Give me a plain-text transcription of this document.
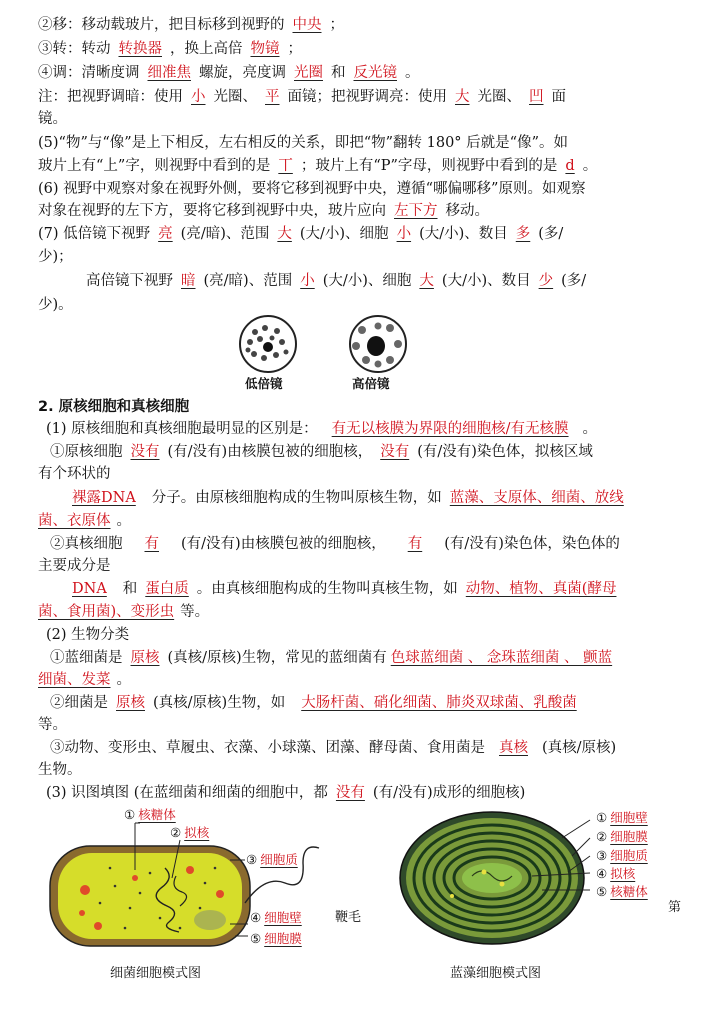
②移：移动载玻片，把目标移到视野的 中央 ；
③转：转动 转换器 ，换上高倍 物镜 ；
④调：清晰度调 细准焦 螺旋，亮度调 光圈 和 反光镜 。
注：把视野调暗：使用 小 光圈、 平 面镜；把视野调亮：使用 大 光圈、 凹 面
镜。
(5)“物”与“像”是上下相反，左右相反的关系，即把“物”翻转 180° 后就是“像”。如
玻片上有“上”字，则视野中看到的是 丅 ；玻片上有“P”字母，则视野中看到的是 d 。
(6) 视野中观察对象在视野外侧，要将它移到视野中央，遵循“哪偏哪移”原则。如观察
对象在视野的左下方，要将它移到视野中央，玻片应向 左下方 移动。
(7) 低倍镜下视野 亮 (亮/暗)、范围 大 (大/小)、细胞 小 (大/小)、数目 多 (多/
少)；
高倍镜下视野 暗 (亮/暗)、范围 小 (大/小)、细胞 大 (大/小)、数目 少 (多/
少)。
低倍镜	高倍镜
2. 原核细胞和真核细胞
(1) 原核细胞和真核细胞最明显的区别是： 有无以核膜为界限的细胞核/有无核膜 。
①原核细胞 没有 (有/没有)由核膜包被的细胞核， 没有 (有/没有)染色体，拟核区域
有个环状的
裸露DNA 分子。由原核细胞构成的生物叫原核生物，如 蓝藻、支原体、细菌、放线
菌、衣原体 。
②真核细胞 有 (有/没有)由核膜包被的细胞核， 有 (有/没有)染色体，染色体的
主要成分是
DNA 和 蛋白质 。由真核细胞构成的生物叫真核生物，如 动物、植物、真菌(酵母
菌、食用菌)、变形虫 等。
(2) 生物分类
①蓝细菌是 原核 (真核/原核)生物，常见的蓝细菌有 色球蓝细菌 、 念珠蓝细菌 、 颤蓝
细菌、发菜 。
②细菌是 原核 (真核/原核)生物，如 大肠杆菌、硝化细菌、肺炎双球菌、乳酸菌
等。
③动物、变形虫、草履虫、衣藻、小球藻、团藻、酵母菌、食用菌是 真核 (真核/原核)
生物。
(3) 识图填图 (在蓝细菌和细菌的细胞中，都 没有 (有/没有)成形的细胞核)
① 核糖体
② 拟核
③ 细胞质
④ 细胞壁
⑤ 细胞膜
鞭毛
细菌细胞模式图
① 细胞壁
② 细胞膜
③ 细胞质
④ 拟核
⑤ 核糖体
第
蓝藻细胞模式图
